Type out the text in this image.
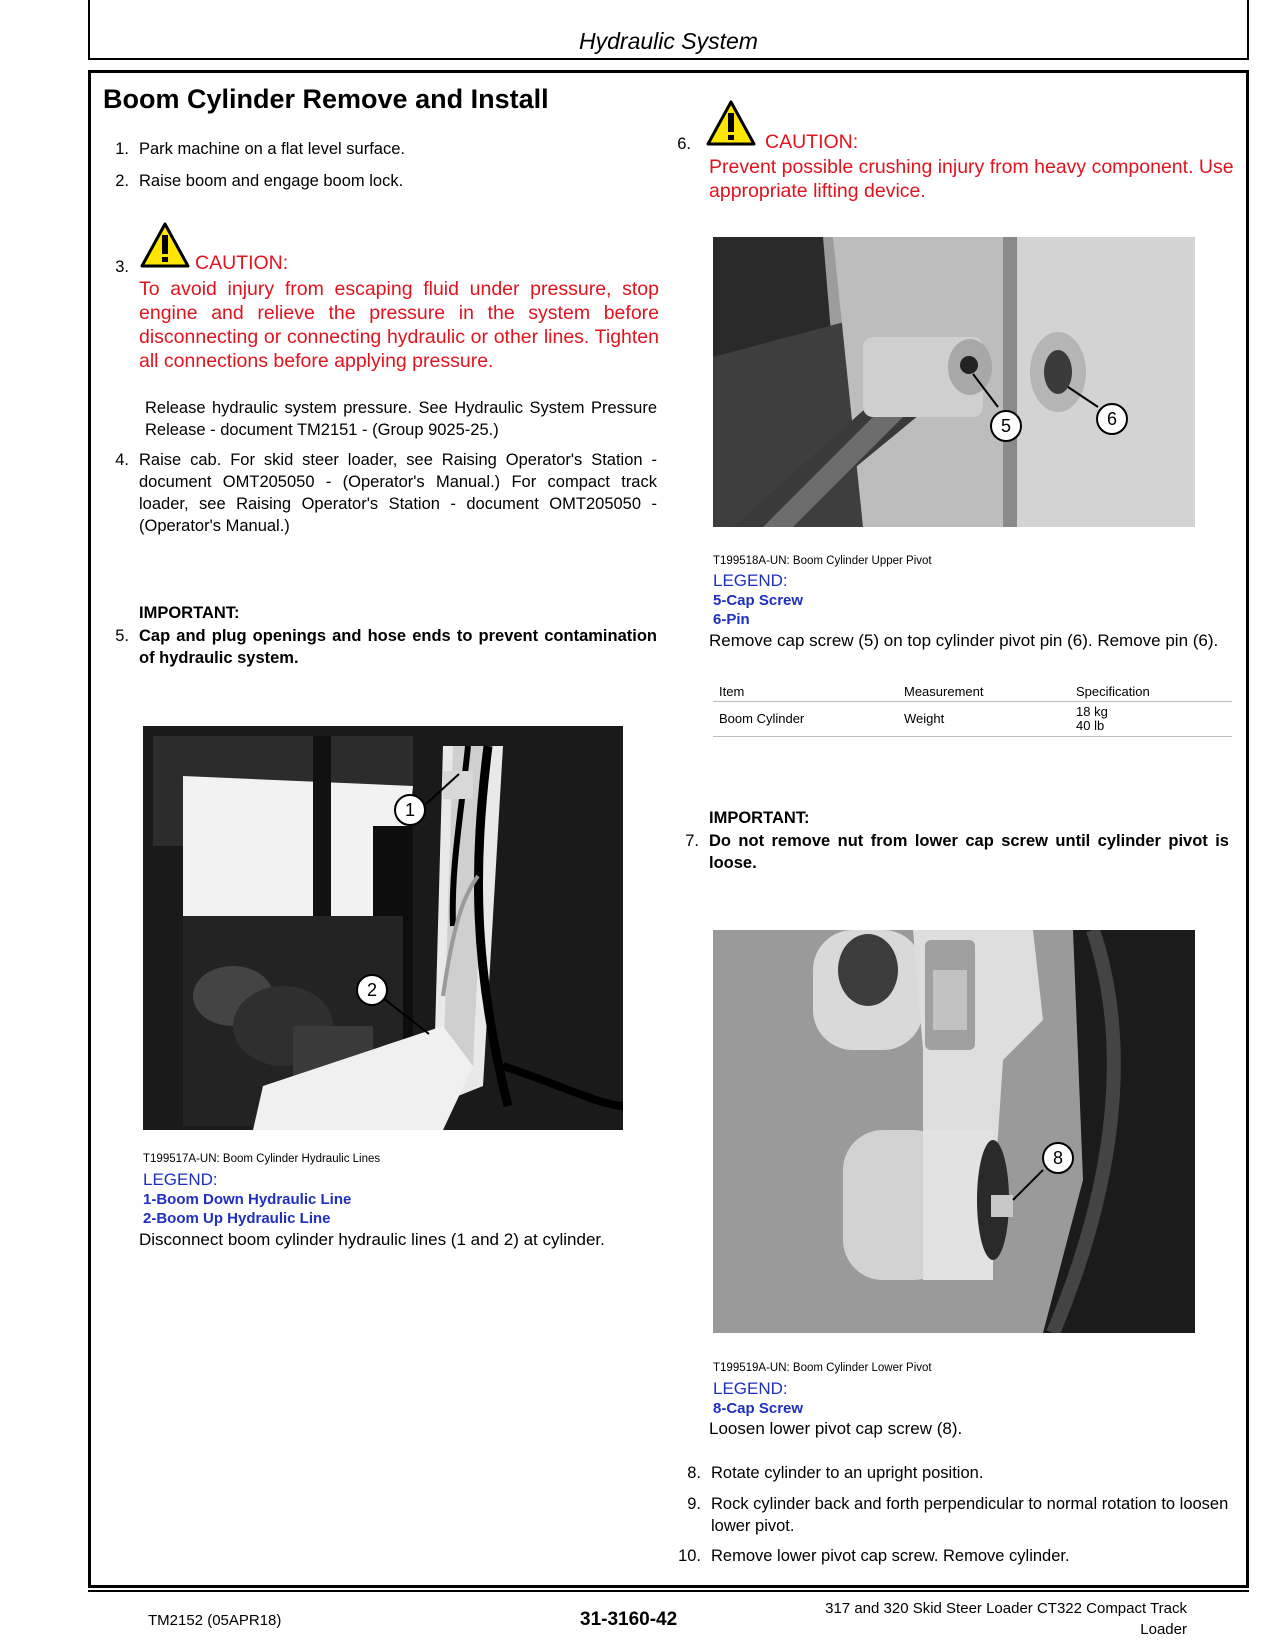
Hydraulic System
Boom Cylinder Remove and Install
1. Park machine on a flat level surface.
2. Raise boom and engage boom lock.
3.	CAUTION:
To avoid injury from escaping fluid under pressure, stop engine and relieve the pressure in the system before disconnecting or connecting hydraulic or other lines. Tighten all connections before applying pressure.
Release hydraulic system pressure. See Hydraulic System Pressure Release - document TM2151 - (Group 9025-25.)
4. Raise cab. For skid steer loader, see Raising Operator's Station - document OMT205050 - (Operator's Manual.) For compact track loader, see Raising Operator's Station - document OMT205050 - (Operator's Manual.)
IMPORTANT:
5. Cap and plug openings and hose ends to prevent contamination of hydraulic system.
1
2
T199517A-UN: Boom Cylinder Hydraulic Lines
LEGEND:
1-Boom Down Hydraulic Line
2-Boom Up Hydraulic Line
Disconnect boom cylinder hydraulic lines (1 and 2) at cylinder.
6.	CAUTION:
Prevent possible crushing injury from heavy component. Use appropriate lifting device.
5	6
T199518A-UN: Boom Cylinder Upper Pivot
LEGEND:
5-Cap Screw
6-Pin
Remove cap screw (5) on top cylinder pivot pin (6). Remove pin (6).
Item	Measurement	Specification
Boom Cylinder	Weight	18 kg
40 lb
IMPORTANT:
7. Do not remove nut from lower cap screw until cylinder pivot is loose.
8
T199519A-UN: Boom Cylinder Lower Pivot
LEGEND:
8-Cap Screw
Loosen lower pivot cap screw (8).
8. Rotate cylinder to an upright position.
9. Rock cylinder back and forth perpendicular to normal rotation to loosen lower pivot.
10. Remove lower pivot cap screw. Remove cylinder.
TM2152 (05APR18)	31-3160-42
317 and 320 Skid Steer Loader CT322 Compact Track
Loader
